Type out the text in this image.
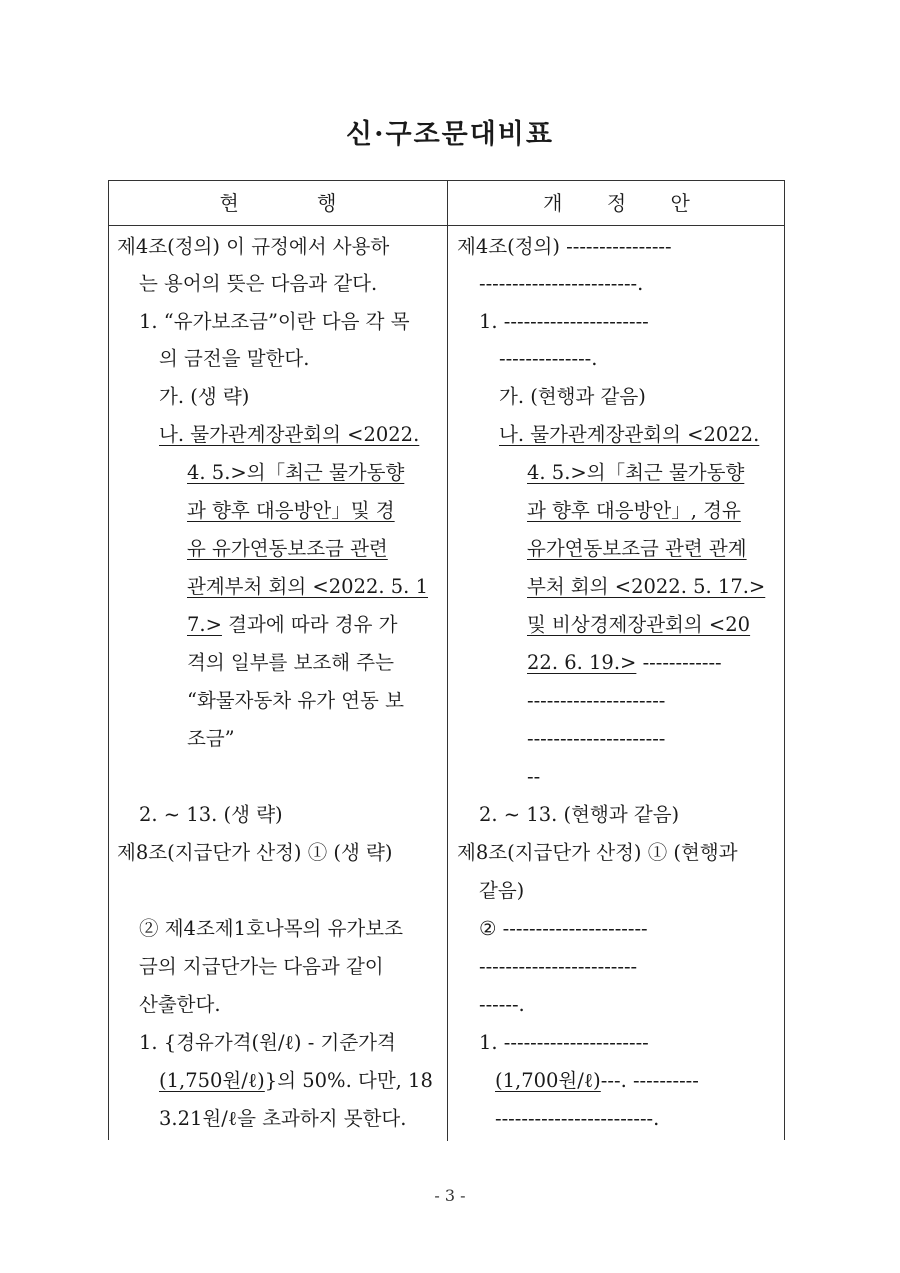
신·구조문대비표
현 행	개 정 안
제4조(정의) 이 규정에서 사용하
는 용어의 뜻은 다음과 같다.
1. “유가보조금”이란 다음 각 목
의 금전을 말한다.
가. (생 략)
나. 물가관계장관회의 <2022.
4. 5.>의「최근 물가동향
과 향후 대응방안」및 경
유 유가연동보조금 관련
관계부처 회의 <2022. 5. 1
7.> 결과에 따라 경유 가
격의 일부를 보조해 주는
“화물자동차 유가 연동 보
조금”
2. ~ 13. (생 략)
제8조(지급단가 산정) ① (생 략)
② 제4조제1호나목의 유가보조
금의 지급단가는 다음과 같이
산출한다.
1. {경유가격(원/ℓ) - 기준가격
(1,750원/ℓ)}의 50%. 다만, 18
3.21원/ℓ을 초과하지 못한다.
제4조(정의) ----------------
------------------------.
1. ----------------------
--------------.
가. (현행과 같음)
나. 물가관계장관회의 <2022.
4. 5.>의「최근 물가동향
과 향후 대응방안」, 경유
유가연동보조금 관련 관계
부처 회의 <2022. 5. 17.>
및 비상경제장관회의 <20
22. 6. 19.> ------------
---------------------
---------------------
--
2. ~ 13. (현행과 같음)
제8조(지급단가 산정) ① (현행과
같음)
② ----------------------
------------------------
------.
1. ----------------------
(1,700원/ℓ)---. ----------
------------------------.
- 3 -
